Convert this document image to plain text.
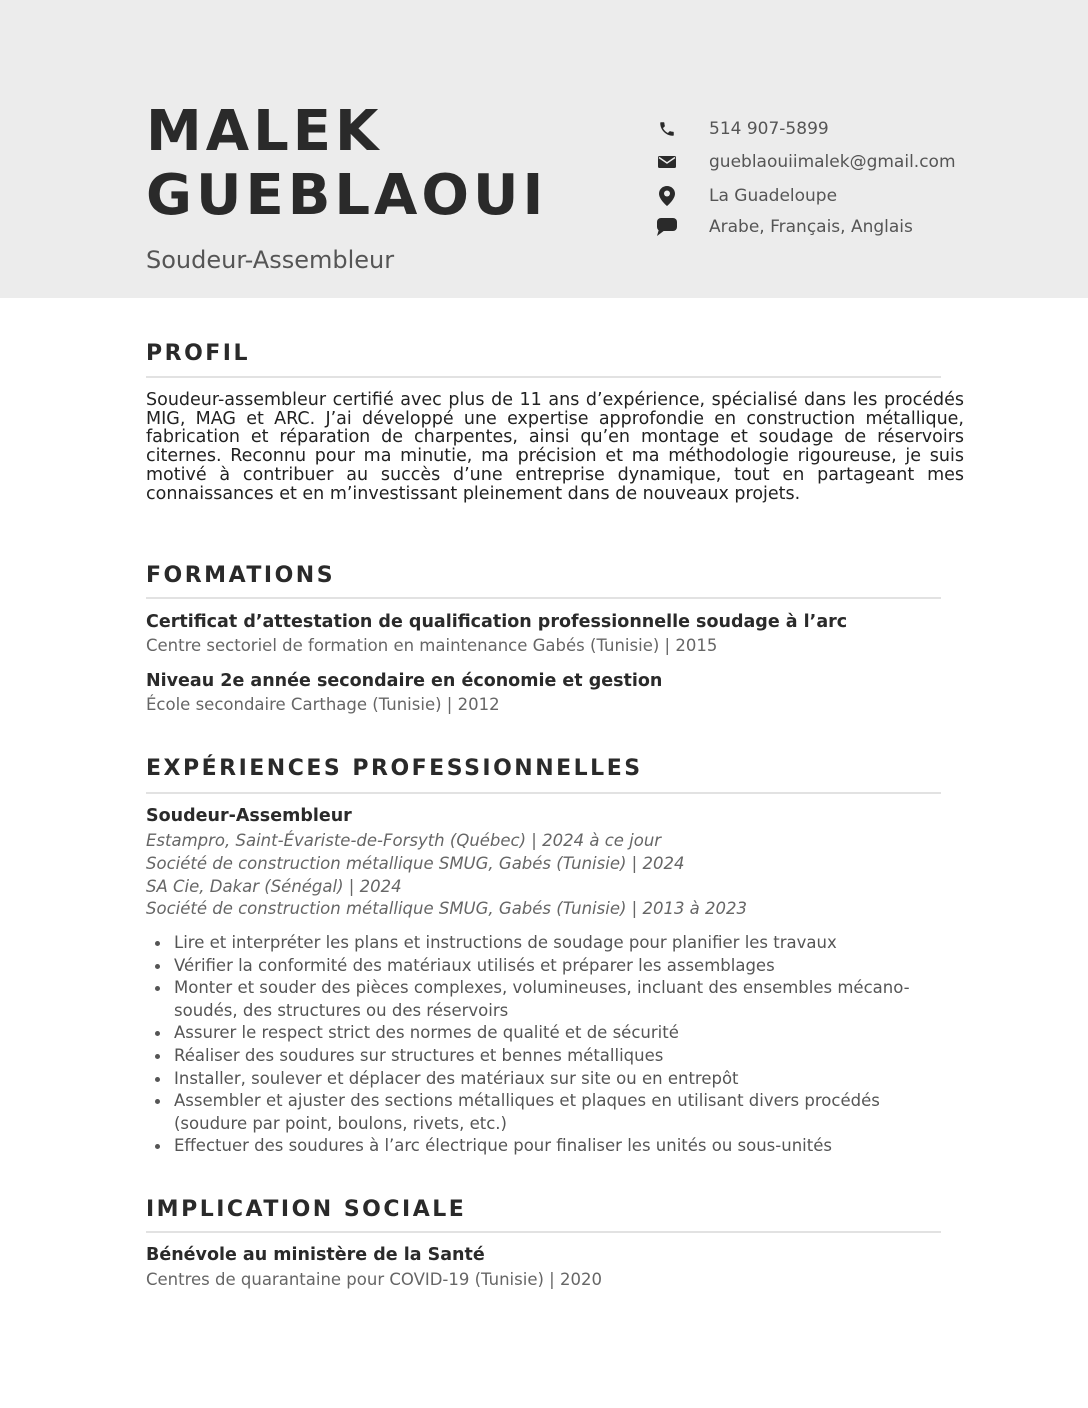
MALEK
GUEBLAOUI
Soudeur-Assembleur
514 907-5899
gueblaouiimalek@gmail.com
La Guadeloupe
Arabe, Français, Anglais
PROFIL

Soudeur-assembleur certifié avec plus de 11 ans d’expérience, spécialisé dans les procédés MIG, MAG et ARC. J’ai développé une expertise approfondie en construction métallique, fabrication et réparation de charpentes, ainsi qu’en montage et soudage de réservoirs citernes. Reconnu pour ma minutie, ma précision et ma méthodologie rigoureuse, je suis motivé à contribuer au succès d’une entreprise dynamique, tout en partageant mes connaissances et en m’investissant pleinement dans de nouveaux projets.

FORMATIONS
Certificat d’attestation de qualification professionnelle soudage à l’arc
Centre sectoriel de formation en maintenance Gabés (Tunisie) | 2015
Niveau 2e année secondaire en économie et gestion
École secondaire Carthage (Tunisie) | 2012
EXPÉRIENCES PROFESSIONNELLES
Soudeur-Assembleur
Estampro, Saint-Évariste-de-Forsyth (Québec) | 2024 à ce jour
Société de construction métallique SMUG, Gabés (Tunisie) | 2024
SA Cie, Dakar (Sénégal) | 2024
Société de construction métallique SMUG, Gabés (Tunisie) | 2013 à 2023
Lire et interpréter les plans et instructions de soudage pour planifier les travaux
Vérifier la conformité des matériaux utilisés et préparer les assemblages
Monter et souder des pièces complexes, volumineuses, incluant des ensembles mécano-soudés, des structures ou des réservoirs
Assurer le respect strict des normes de qualité et de sécurité
Réaliser des soudures sur structures et bennes métalliques
Installer, soulever et déplacer des matériaux sur site ou en entrepôt
Assembler et ajuster des sections métalliques et plaques en utilisant divers procédés (soudure par point, boulons, rivets, etc.)
Effectuer des soudures à l’arc électrique pour finaliser les unités ou sous-unités
IMPLICATION SOCIALE
Bénévole au ministère de la Santé
Centres de quarantaine pour COVID-19 (Tunisie) | 2020
